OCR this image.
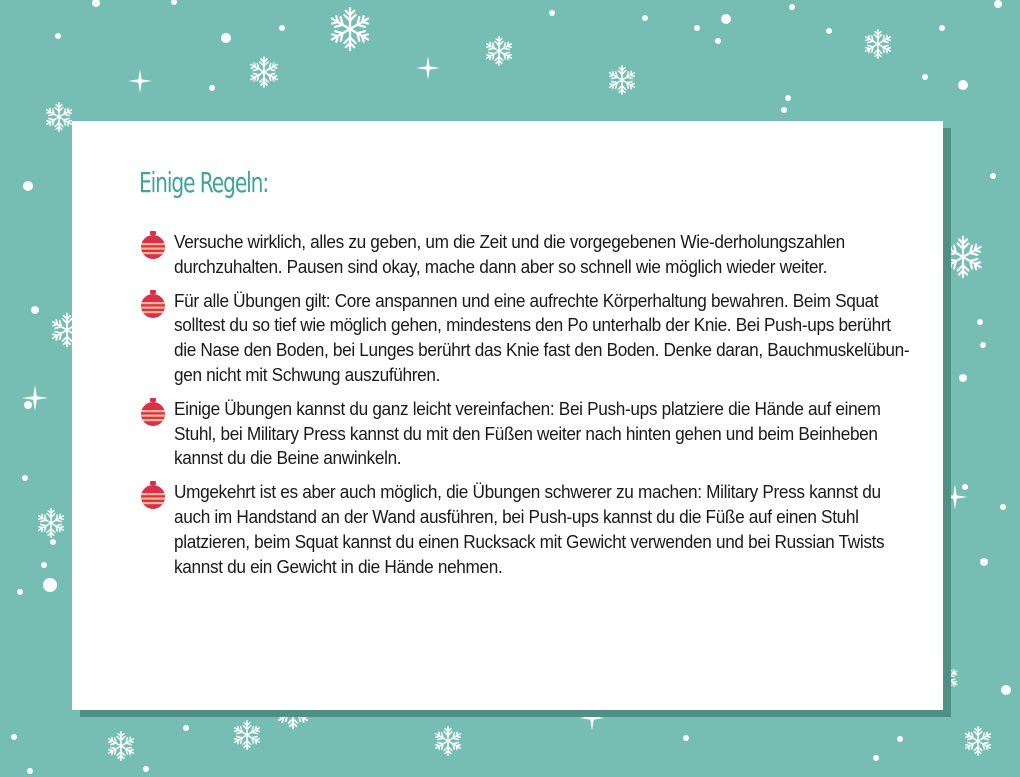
Einige Regeln:
Versuche wirklich, alles zu geben, um die Zeit und die vorgegebenen Wie-derholungszahlen durchzuhalten. Pausen sind okay, mache dann aber so schnell wie möglich wieder weiter.
Für alle Übungen gilt: Core anspannen und eine aufrechte Körperhaltung bewahren. Beim Squat solltest du so tief wie möglich gehen, mindestens den Po unterhalb der Knie. Bei Push-ups berührt die Nase den Boden, bei Lunges berührt das Knie fast den Boden. Denke daran, Bauchmuskelübun-gen nicht mit Schwung auszuführen.
Einige Übungen kannst du ganz leicht vereinfachen: Bei Push-ups platziere die Hände auf einem Stuhl, bei Military Press kannst du mit den Füßen weiter nach hinten gehen und beim Beinheben kannst du die Beine anwinkeln.
Umgekehrt ist es aber auch möglich, die Übungen schwerer zu machen: Military Press kannst du auch im Handstand an der Wand ausführen, bei Push-ups kannst du die Füße auf einen Stuhl platzieren, beim Squat kannst du einen Rucksack mit Gewicht verwenden und bei Russian Twists kannst du ein Gewicht in die Hände nehmen.
